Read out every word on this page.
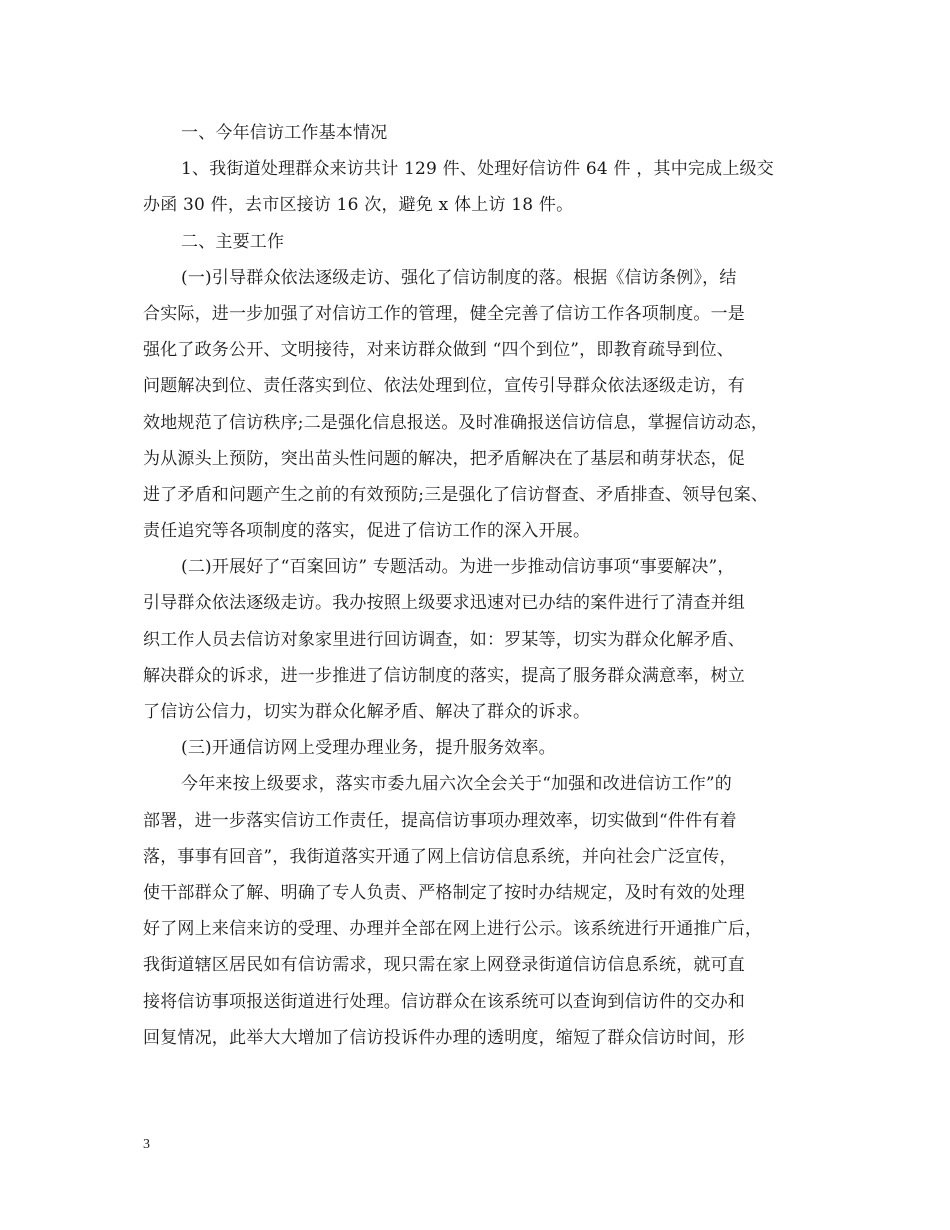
一、今年信访工作基本情况
1、我街道处理群众来访共计 129 件、处理好信访件 64 件 ，其中完成上级交
办函 30 件，去市区接访 16 次，避免 x 体上访 18 件。
二、主要工作
(一)引导群众依法逐级走访、强化了信访制度的落。根据《信访条例》，结
合实际，进一步加强了对信访工作的管理，健全完善了信访工作各项制度。一是
强化了政务公开、文明接待，对来访群众做到 “四个到位”，即教育疏导到位、
问题解决到位、责任落实到位、依法处理到位，宣传引导群众依法逐级走访，有
效地规范了信访秩序;二是强化信息报送。及时准确报送信访信息，掌握信访动态，
为从源头上预防，突出苗头性问题的解决，把矛盾解决在了基层和萌芽状态，促
进了矛盾和问题产生之前的有效预防;三是强化了信访督查、矛盾排查、领导包案、
责任追究等各项制度的落实，促进了信访工作的深入开展。
(二)开展好了“百案回访” 专题活动。为进一步推动信访事项“事要解决”，
引导群众依法逐级走访。我办按照上级要求迅速对已办结的案件进行了清查并组
织工作人员去信访对象家里进行回访调查，如：罗某等，切实为群众化解矛盾、
解决群众的诉求，进一步推进了信访制度的落实，提高了服务群众满意率，树立
了信访公信力，切实为群众化解矛盾、解决了群众的诉求。
(三)开通信访网上受理办理业务，提升服务效率。
今年来按上级要求，落实市委九届六次全会关于“加强和改进信访工作”的
部署，进一步落实信访工作责任，提高信访事项办理效率，切实做到“件件有着
落，事事有回音”，我街道落实开通了网上信访信息系统，并向社会广泛宣传，
使干部群众了解、明确了专人负责、严格制定了按时办结规定，及时有效的处理
好了网上来信来访的受理、办理并全部在网上进行公示。该系统进行开通推广后，
我街道辖区居民如有信访需求，现只需在家上网登录街道信访信息系统，就可直
接将信访事项报送街道进行处理。信访群众在该系统可以查询到信访件的交办和
回复情况，此举大大增加了信访投诉件办理的透明度，缩短了群众信访时间，形
3
